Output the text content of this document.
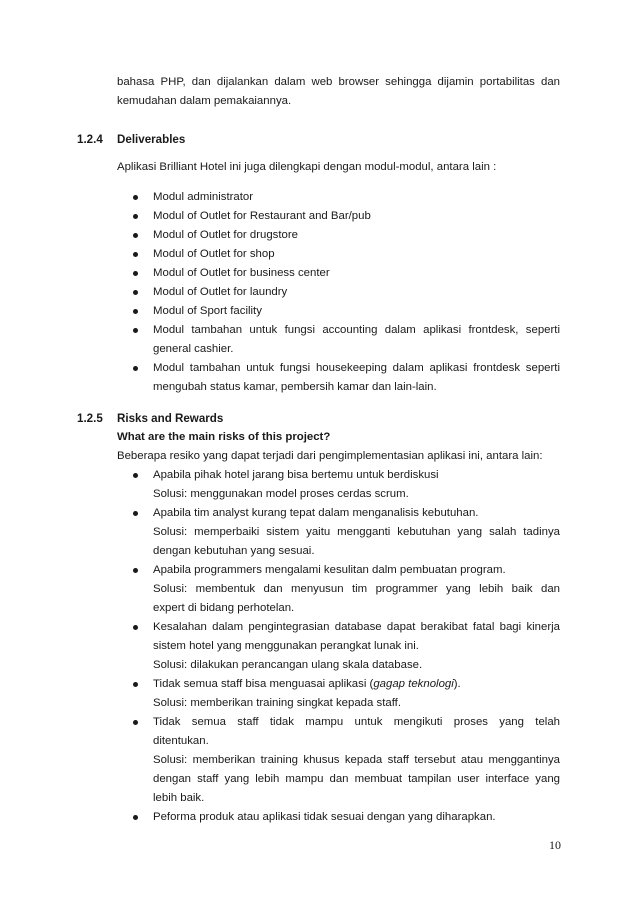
bahasa PHP, dan dijalankan dalam web browser sehingga dijamin portabilitas dan
kemudahan dalam pemakaiannya.
1.2.4 Deliverables
Aplikasi Brilliant Hotel ini juga dilengkapi dengan modul-modul, antara lain :
Modul administrator
Modul of Outlet for Restaurant and Bar/pub
Modul of Outlet for drugstore
Modul of Outlet for shop
Modul of Outlet for business center
Modul of Outlet for laundry
Modul of Sport facility
Modul tambahan untuk fungsi accounting dalam aplikasi frontdesk, seperti
general cashier.
Modul tambahan untuk fungsi housekeeping dalam aplikasi frontdesk seperti
mengubah status kamar, pembersih kamar dan lain-lain.
1.2.5 Risks and Rewards
What are the main risks of this project?
Beberapa resiko yang dapat terjadi dari pengimplementasian aplikasi ini, antara lain:
Apabila pihak hotel jarang bisa bertemu untuk berdiskusi
Solusi: menggunakan model proses cerdas scrum.
Apabila tim analyst kurang tepat dalam menganalisis kebutuhan.
Solusi: memperbaiki sistem yaitu mengganti kebutuhan yang salah tadinya
dengan kebutuhan yang sesuai.
Apabila programmers mengalami kesulitan dalm pembuatan program.
Solusi: membentuk dan menyusun tim programmer yang lebih baik dan
expert di bidang perhotelan.
Kesalahan dalam pengintegrasian database dapat berakibat fatal bagi kinerja
sistem hotel yang menggunakan perangkat lunak ini.
Solusi: dilakukan perancangan ulang skala database.
Tidak semua staff bisa menguasai aplikasi (gagap teknologi).
Solusi: memberikan training singkat kepada staff.
Tidak semua staff tidak mampu untuk mengikuti proses yang telah
ditentukan.
Solusi: memberikan training khusus kepada staff tersebut atau menggantinya
dengan staff yang lebih mampu dan membuat tampilan user interface yang
lebih baik.
Peforma produk atau aplikasi tidak sesuai dengan yang diharapkan.
10
